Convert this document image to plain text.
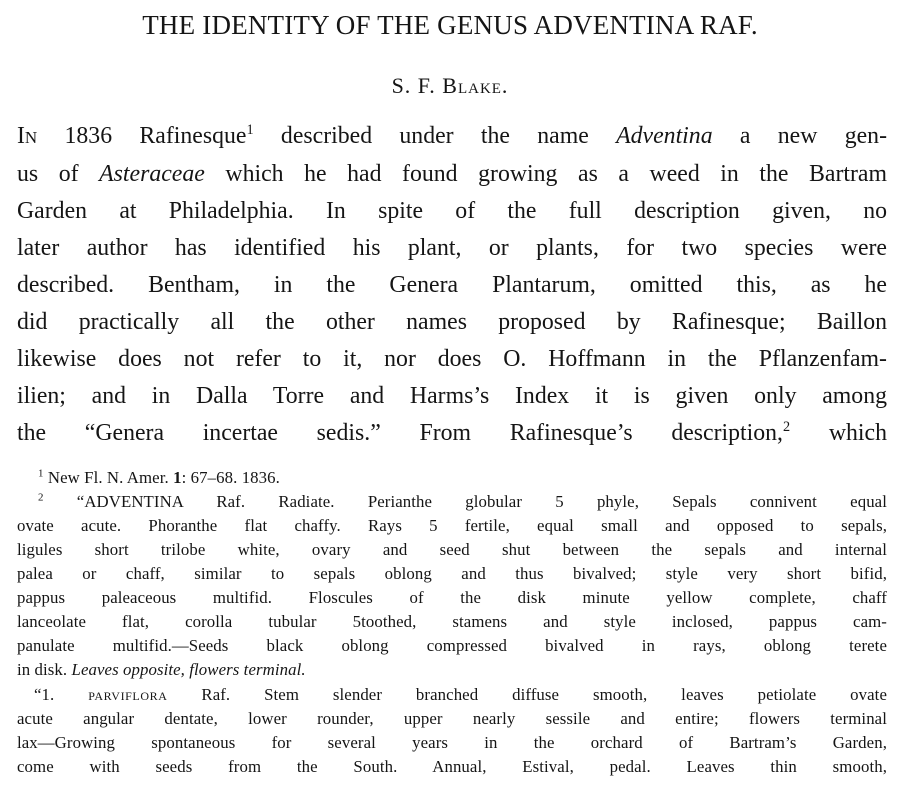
THE IDENTITY OF THE GENUS ADVENTINA RAF.
S. F. Blake.
In 1836 Rafinesque$^1$ described under the name Adventina a new gen-
us of Asteraceae which he had found growing as a weed in the Bartram
Garden at Philadelphia. In spite of the full description given, no
later author has identified his plant, or plants, for two species were
described. Bentham, in the Genera Plantarum, omitted this, as he
did practically all the other names proposed by Rafinesque; Baillon
likewise does not refer to it, nor does O. Hoffmann in the Pflanzenfam-
ilien; and in Dalla Torre and Harms’s Index it is given only among
the “Genera incertae sedis.” From Rafinesque’s description,$^2$ which
$^1$ New Fl. N. Amer. 1: 67–68. 1836.
$^2$ “ADVENTINA Raf. Radiate. Perianthe globular 5 phyle, Sepals connivent equal
ovate acute. Phoranthe flat chaffy. Rays 5 fertile, equal small and opposed to sepals,
ligules short trilobe white, ovary and seed shut between the sepals and internal
palea or chaff, similar to sepals oblong and thus bivalved; style very short bifid,
pappus paleaceous multifid. Floscules of the disk minute yellow complete, chaff
lanceolate flat, corolla tubular 5toothed, stamens and style inclosed, pappus cam-
panulate multifid.—Seeds black oblong compressed bivalved in rays, oblong terete
in disk. Leaves opposite, flowers terminal.
“1. parviflora Raf. Stem slender branched diffuse smooth, leaves petiolate ovate
acute angular dentate, lower rounder, upper nearly sessile and entire; flowers terminal
lax—Growing spontaneous for several years in the orchard of Bartram’s Garden,
come with seeds from the South. Annual, Estival, pedal. Leaves thin smooth,
